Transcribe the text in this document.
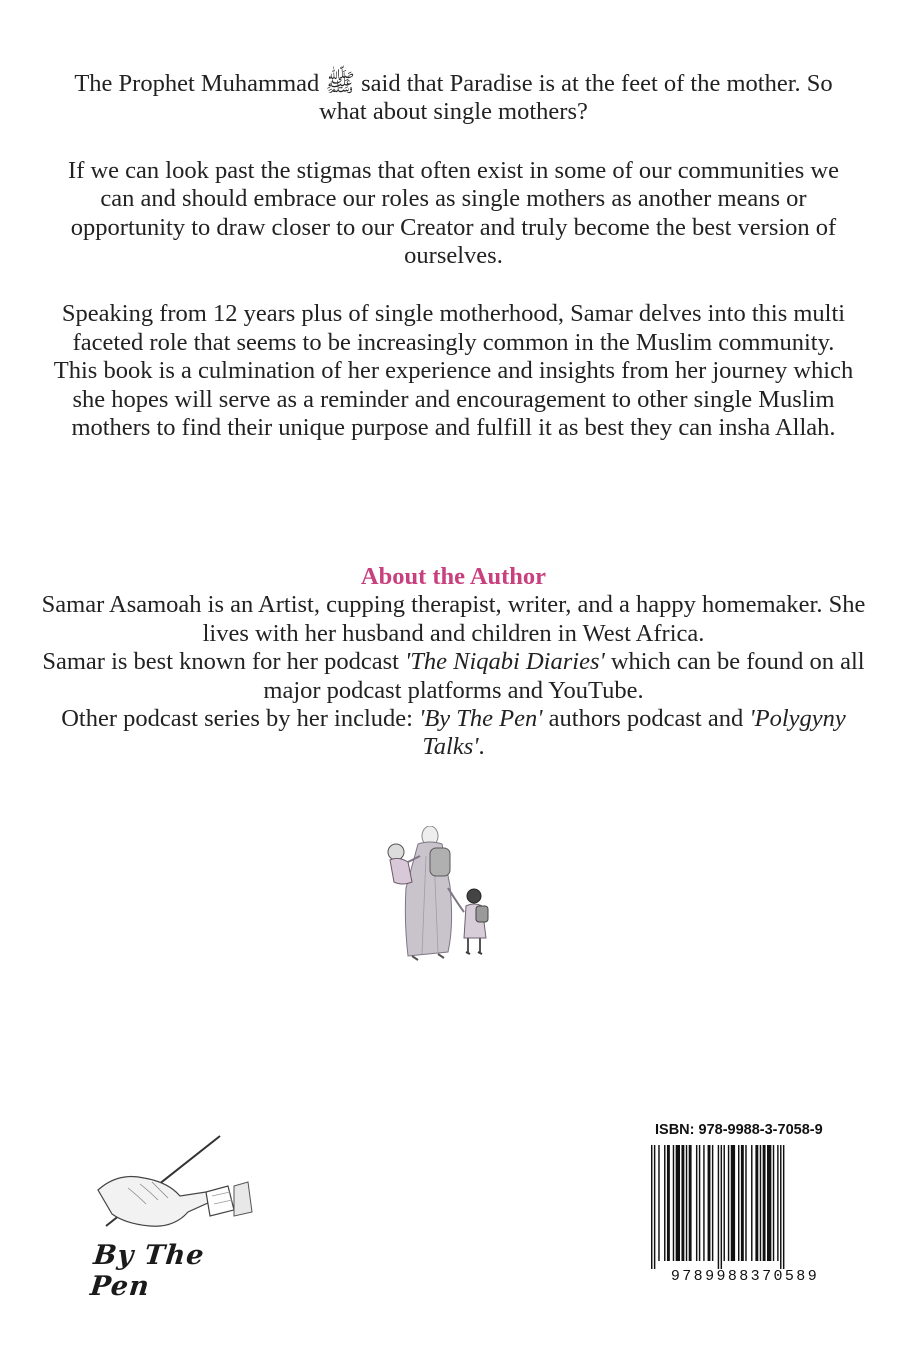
The Prophet Muhammad ﷺ said that Paradise is at the feet of the mother. So what about single mothers?

If we can look past the stigmas that often exist in some of our communities we can and should embrace our roles as single mothers as another means or opportunity to draw closer to our Creator and truly become the best version of ourselves.

Speaking from 12 years plus of single motherhood, Samar delves into this multi faceted role that seems to be increasingly common in the Muslim community. This book is a culmination of her experience and insights from her journey which she hopes will serve as a reminder and encouragement to other single Muslim mothers to find their unique purpose and fulfill it as best they can insha Allah.

About the Author

Samar Asamoah is an Artist, cupping therapist, writer, and a happy homemaker. She lives with her husband and children in West Africa.

Samar is best known for her podcast 'The Niqabi Diaries' which can be found on all major podcast platforms and YouTube.

Other podcast series by her include: 'By The Pen' authors podcast and 'Polygyny Talks'.

By The Pen
ISBN: 978-9988-3-7058-9
9789988370589
